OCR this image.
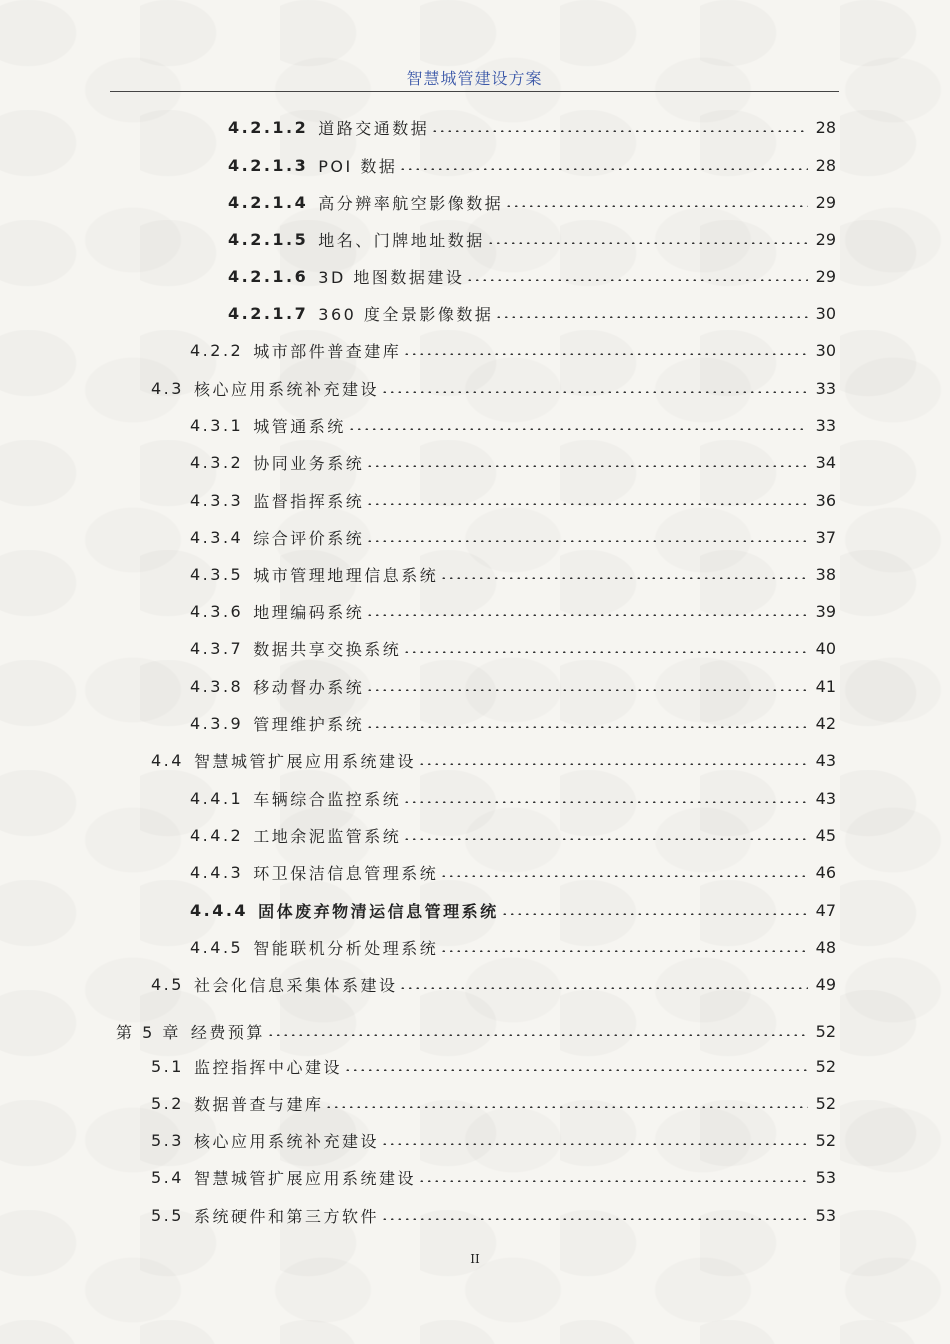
智慧城管建设方案
4.2.1.2 道路交通数据	28
4.2.1.3 POI 数据	28
4.2.1.4 高分辨率航空影像数据	29
4.2.1.5 地名、门牌地址数据	29
4.2.1.6 3D 地图数据建设	29
4.2.1.7 360 度全景影像数据	30
4.2.2 城市部件普查建库	30
4.3 核心应用系统补充建设	33
4.3.1 城管通系统	33
4.3.2 协同业务系统	34
4.3.3 监督指挥系统	36
4.3.4 综合评价系统	37
4.3.5 城市管理地理信息系统	38
4.3.6 地理编码系统	39
4.3.7 数据共享交换系统	40
4.3.8 移动督办系统	41
4.3.9 管理维护系统	42
4.4 智慧城管扩展应用系统建设	43
4.4.1 车辆综合监控系统	43
4.4.2 工地余泥监管系统	45
4.4.3 环卫保洁信息管理系统	46
4.4.4 固体废弃物清运信息管理系统	47
4.4.5 智能联机分析处理系统	48
4.5 社会化信息采集体系建设	49
第 5 章 经费预算	52
5.1 监控指挥中心建设	52
5.2 数据普查与建库	52
5.3 核心应用系统补充建设	52
5.4 智慧城管扩展应用系统建设	53
5.5 系统硬件和第三方软件	53
II
